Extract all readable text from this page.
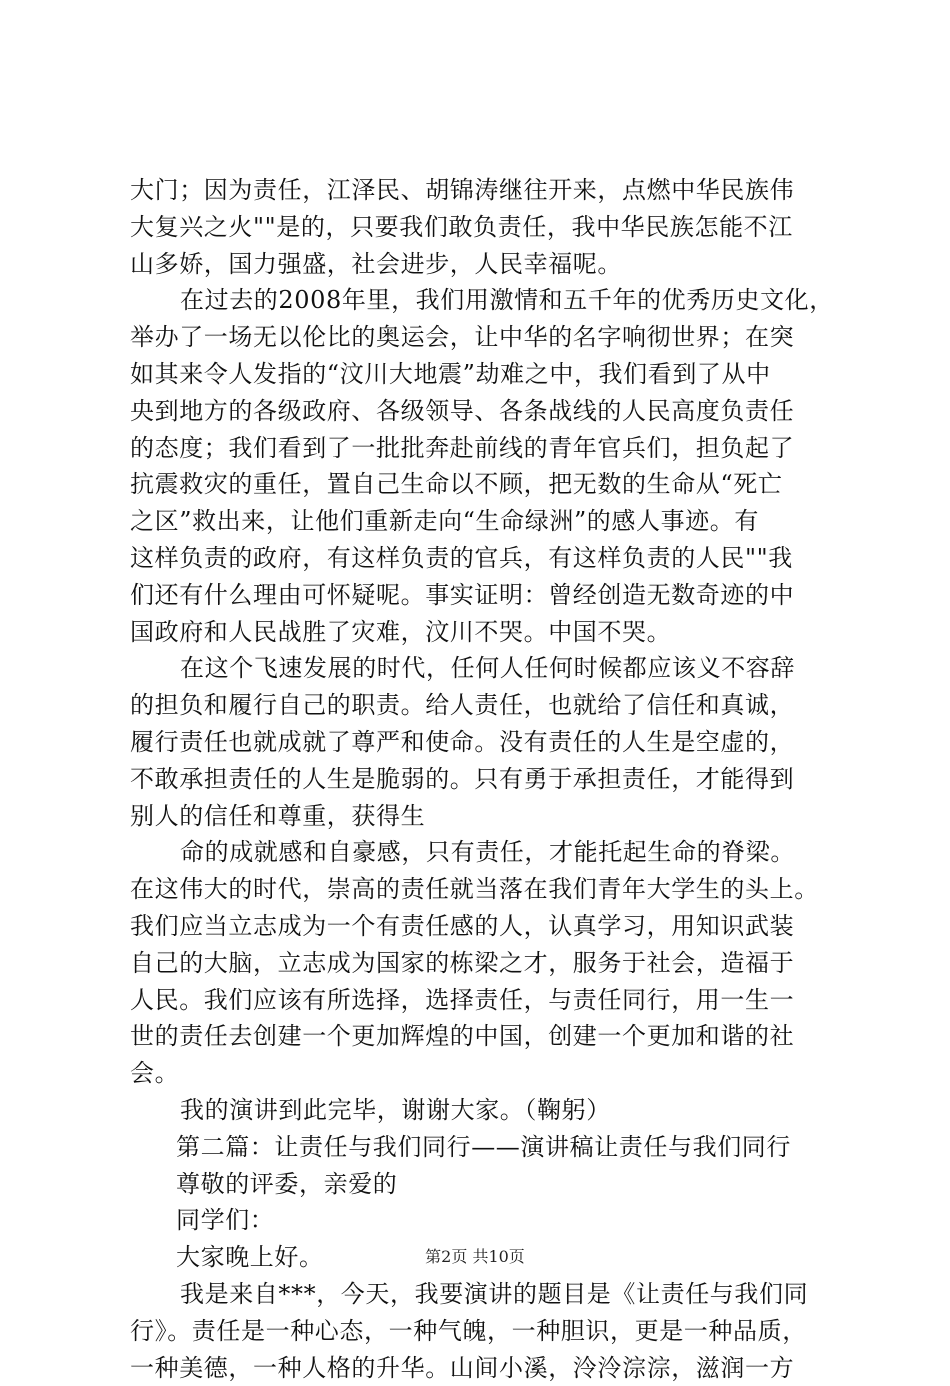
大门；因为责任，江泽民、胡锦涛继往开来，点燃中华民族伟
大复兴之火""是的，只要我们敢负责任，我中华民族怎能不江
山多娇，国力强盛，社会进步，人民幸福呢。
在过去的2008年里，我们用激情和五千年的优秀历史文化，
举办了一场无以伦比的奥运会，让中华的名字响彻世界；在突
如其来令人发指的“汶川大地震”劫难之中，我们看到了从中
央到地方的各级政府、各级领导、各条战线的人民高度负责任
的态度；我们看到了一批批奔赴前线的青年官兵们，担负起了
抗震救灾的重任，置自己生命以不顾，把无数的生命从“死亡
之区”救出来，让他们重新走向“生命绿洲”的感人事迹。有
这样负责的政府，有这样负责的官兵，有这样负责的人民""我
们还有什么理由可怀疑呢。事实证明：曾经创造无数奇迹的中
国政府和人民战胜了灾难，汶川不哭。中国不哭。
在这个飞速发展的时代，任何人任何时候都应该义不容辞
的担负和履行自己的职责。给人责任，也就给了信任和真诚，
履行责任也就成就了尊严和使命。没有责任的人生是空虚的，
不敢承担责任的人生是脆弱的。只有勇于承担责任，才能得到
别人的信任和尊重，获得生
命的成就感和自豪感，只有责任，才能托起生命的脊梁。
在这伟大的时代，崇高的责任就当落在我们青年大学生的头上。
我们应当立志成为一个有责任感的人，认真学习，用知识武装
自己的大脑，立志成为国家的栋梁之才，服务于社会，造福于
人民。我们应该有所选择，选择责任，与责任同行，用一生一
世的责任去创建一个更加辉煌的中国，创建一个更加和谐的社
会。
我的演讲到此完毕，谢谢大家。（鞠躬）
第二篇：让责任与我们同行——演讲稿让责任与我们同行
尊敬的评委，亲爱的
同学们：
大家晚上好。
我是来自***，今天，我要演讲的题目是《让责任与我们同
行》。责任是一种心态，一种气魄，一种胆识，更是一种品质，
一种美德，一种人格的升华。山间小溪，泠泠淙淙，滋润一方
第2页 共10页
